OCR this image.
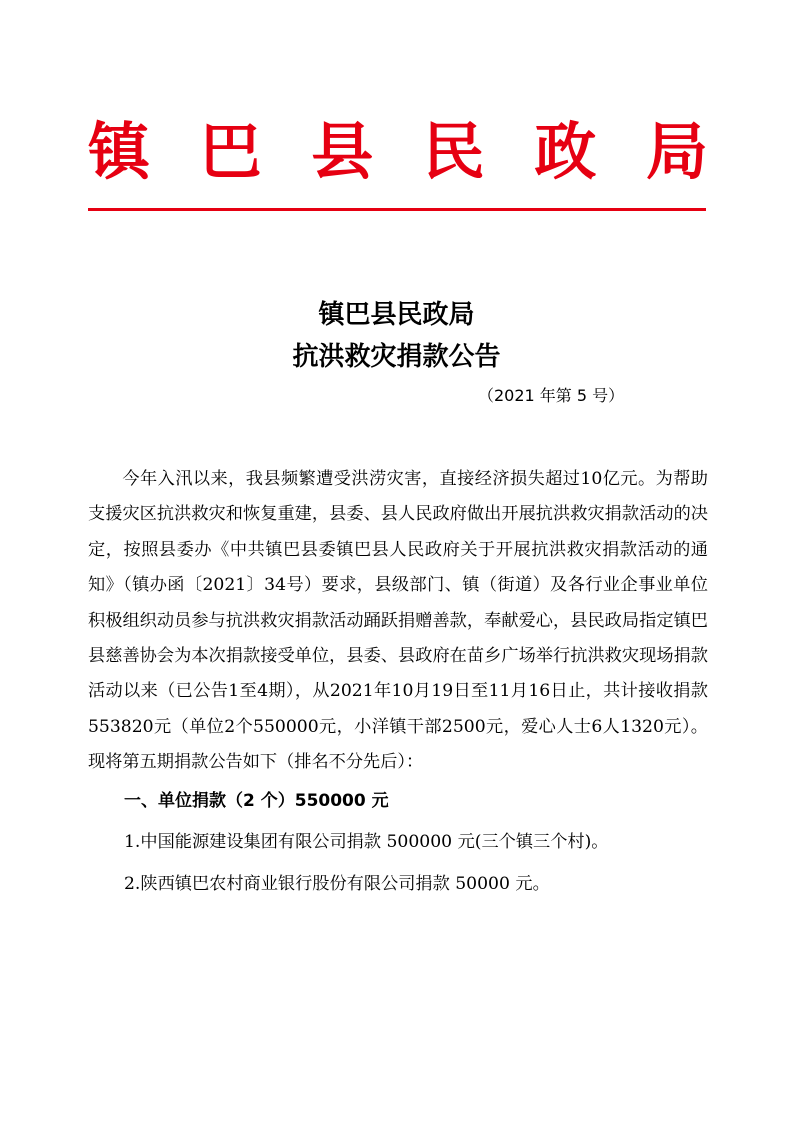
镇 巴 县 民 政 局
镇巴县民政局
抗洪救灾捐款公告
（2021 年第 5 号）

今年入汛以来，我县频繁遭受洪涝灾害，直接经济损失超过10亿元。为帮助支援灾区抗洪救灾和恢复重建，县委、县人民政府做出开展抗洪救灾捐款活动的决定，按照县委办《中共镇巴县委镇巴县人民政府关于开展抗洪救灾捐款活动的通知》（镇办函〔2021〕34号）要求，县级部门、镇（街道）及各行业企事业单位积极组织动员参与抗洪救灾捐款活动踊跃捐赠善款，奉献爱心，县民政局指定镇巴县慈善协会为本次捐款接受单位，县委、县政府在苗乡广场举行抗洪救灾现场捐款活动以来（已公告1至4期），从2021年10月19日至11月16日止，共计接收捐款553820元（单位2个550000元，小洋镇干部2500元，爱心人士6人1320元）。现将第五期捐款公告如下（排名不分先后）：

一、单位捐款（2 个）550000 元

1.中国能源建设集团有限公司捐款 500000 元(三个镇三个村)。

2.陕西镇巴农村商业银行股份有限公司捐款 50000 元。
